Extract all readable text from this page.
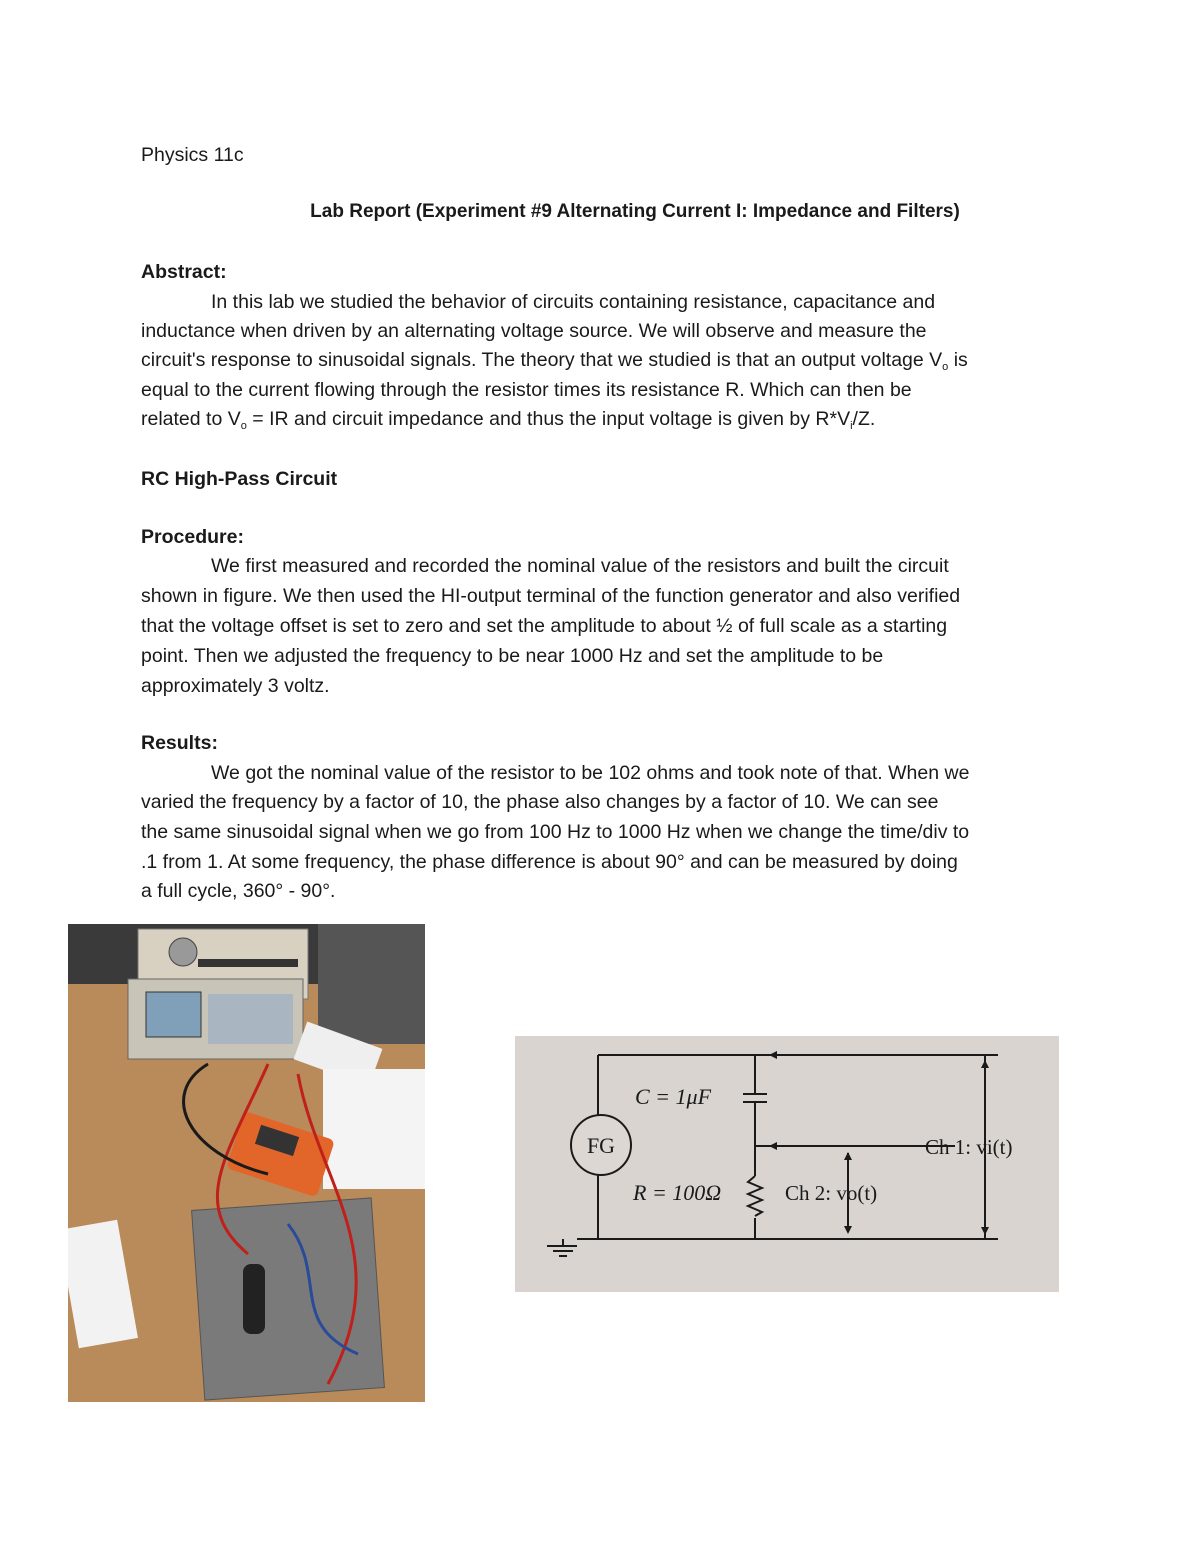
Physics 11c
Lab Report (Experiment #9 Alternating Current I: Impedance and Filters)
Abstract:
In this lab we studied the behavior of circuits containing resistance, capacitance and
inductance when driven by an alternating voltage source. We will observe and measure the
circuit's response to sinusoidal signals. The theory that we studied is that an output voltage $V_o$ is
equal to the current flowing through the resistor times its resistance R. Which can then be
related to $V_o$ = IR and circuit impedance and thus the input voltage is given by $R*V_i/Z$.
RC High-Pass Circuit
Procedure:
We first measured and recorded the nominal value of the resistors and built the circuit
shown in figure. We then used the HI-output terminal of the function generator and also verified
that the voltage offset is set to zero and set the amplitude to about ½ of full scale as a starting
point. Then we adjusted the frequency to be near 1000 Hz and set the amplitude to be
approximately 3 voltz.
Results:
We got the nominal value of the resistor to be 102 ohms and took note of that. When we
varied the frequency by a factor of 10, the phase also changes by a factor of 10. We can see
the same sinusoidal signal when we go from 100 Hz to 1000 Hz when we change the time/div to
.1 from 1. At some frequency, the phase difference is about 90° and can be measured by doing
a full cycle, 360° - 90°.
FG
C = 1μF
R = 100Ω
Ch 1: vi(t)
Ch 2: vo(t)
